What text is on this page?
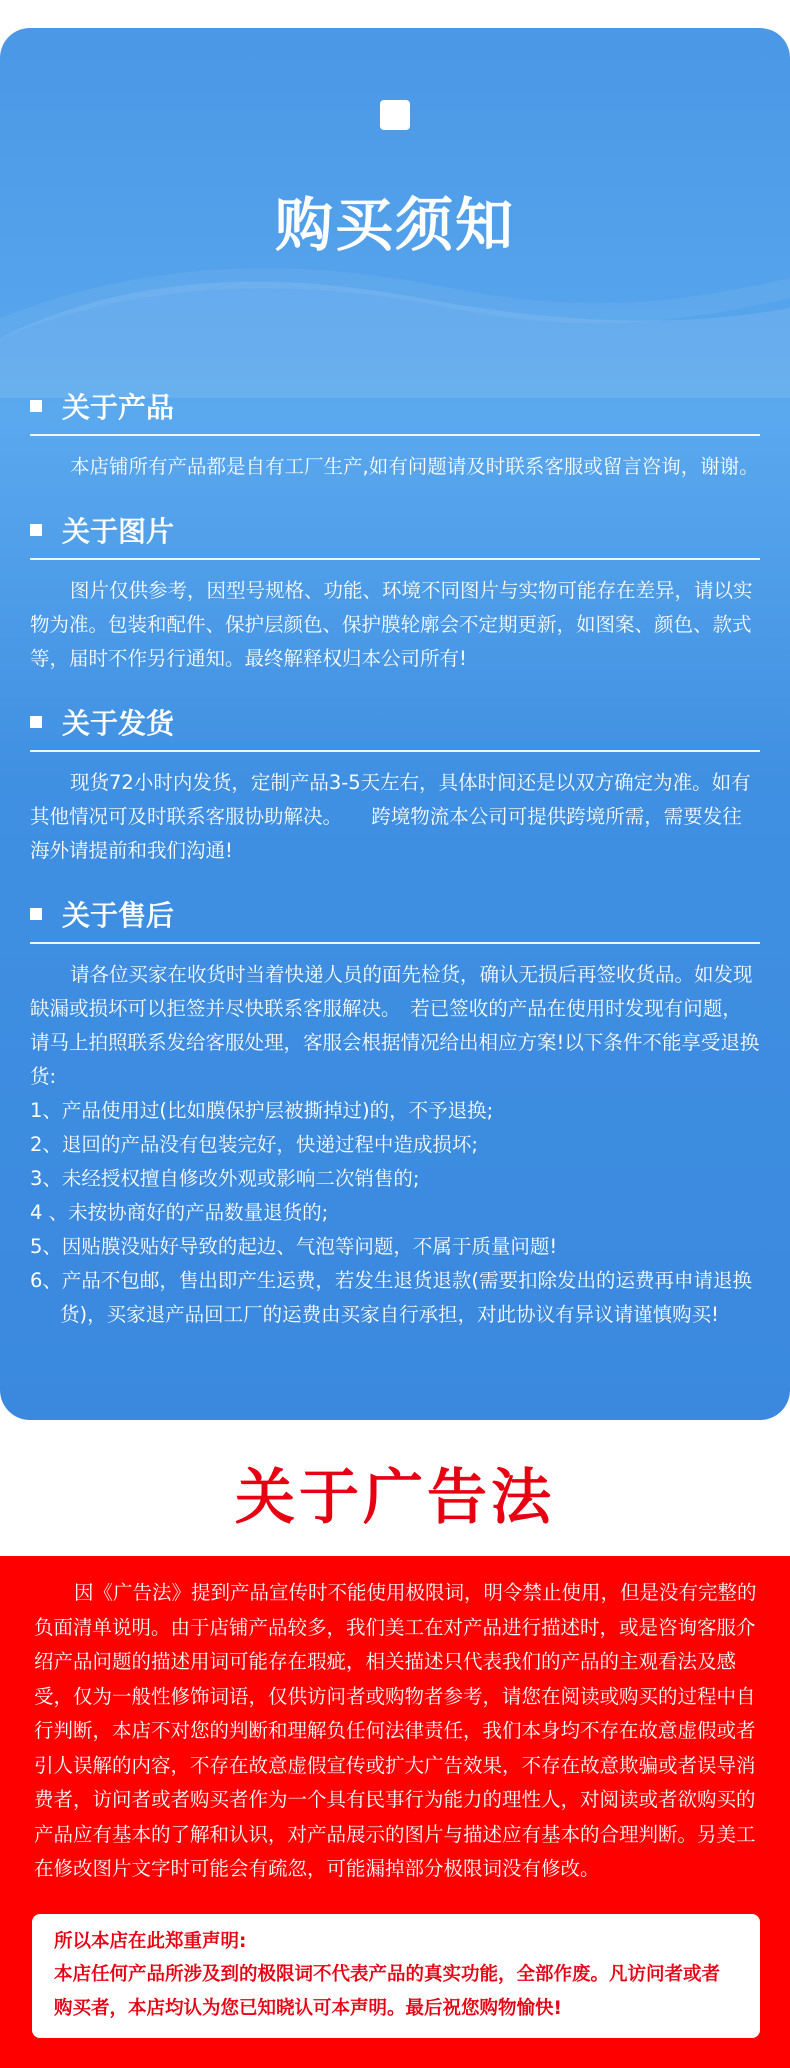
购买须知
关于产品

本店铺所有产品都是自有工厂生产,如有问题请及时联系客服或留言咨询，谢谢。

关于图片

图片仅供参考，因型号规格、功能、环境不同图片与实物可能存在差异，请以实物为准。包装和配件、保护层颜色、保护膜轮廓会不定期更新，如图案、颜色、款式等，届时不作另行通知。最终解释权归本公司所有!

关于发货

现货72小时内发货，定制产品3-5天左右，具体时间还是以双方确定为准。如有其他情况可及时联系客服协助解决。　　跨境物流本公司可提供跨境所需，需要发往海外请提前和我们沟通!

关于售后

请各位买家在收货时当着快递人员的面先检货，确认无损后再签收货品。如发现缺漏或损坏可以拒签并尽快联系客服解决。　若已签收的产品在使用时发现有问题，请马上拍照联系发给客服处理，客服会根据情况给出相应方案!以下条件不能享受退换货:

1、产品使用过(比如膜保护层被撕掉过)的，不予退换;
2、退回的产品没有包装完好，快递过程中造成损坏;
3、未经授权擅自修改外观或影响二次销售的;
4 、未按协商好的产品数量退货的;
5、因贴膜没贴好导致的起边、气泡等问题，不属于质量问题!
6、产品不包邮，售出即产生运费，若发生退货退款(需要扣除发出的运费再申请退换货)，买家退产品回工厂的运费由买家自行承担，对此协议有异议请谨慎购买!
关于广告法

因《广告法》提到产品宣传时不能使用极限词，明令禁止使用，但是没有完整的负面清单说明。由于店铺产品较多，我们美工在对产品进行描述时，或是咨询客服介绍产品问题的描述用词可能存在瑕疵，相关描述只代表我们的产品的主观看法及感受，仅为一般性修饰词语，仅供访问者或购物者参考，请您在阅读或购买的过程中自行判断，本店不对您的判断和理解负任何法律责任，我们本身均不存在故意虚假或者引人误解的内容，不存在故意虚假宣传或扩大广告效果，不存在故意欺骗或者误导消费者，访问者或者购买者作为一个具有民事行为能力的理性人，对阅读或者欲购买的产品应有基本的了解和认识，对产品展示的图片与描述应有基本的合理判断。另美工在修改图片文字时可能会有疏忽，可能漏掉部分极限词没有修改。

所以本店在此郑重声明:
本店任何产品所涉及到的极限词不代表产品的真实功能，全部作废。凡访问者或者购买者，本店均认为您已知晓认可本声明。最后祝您购物愉快!
